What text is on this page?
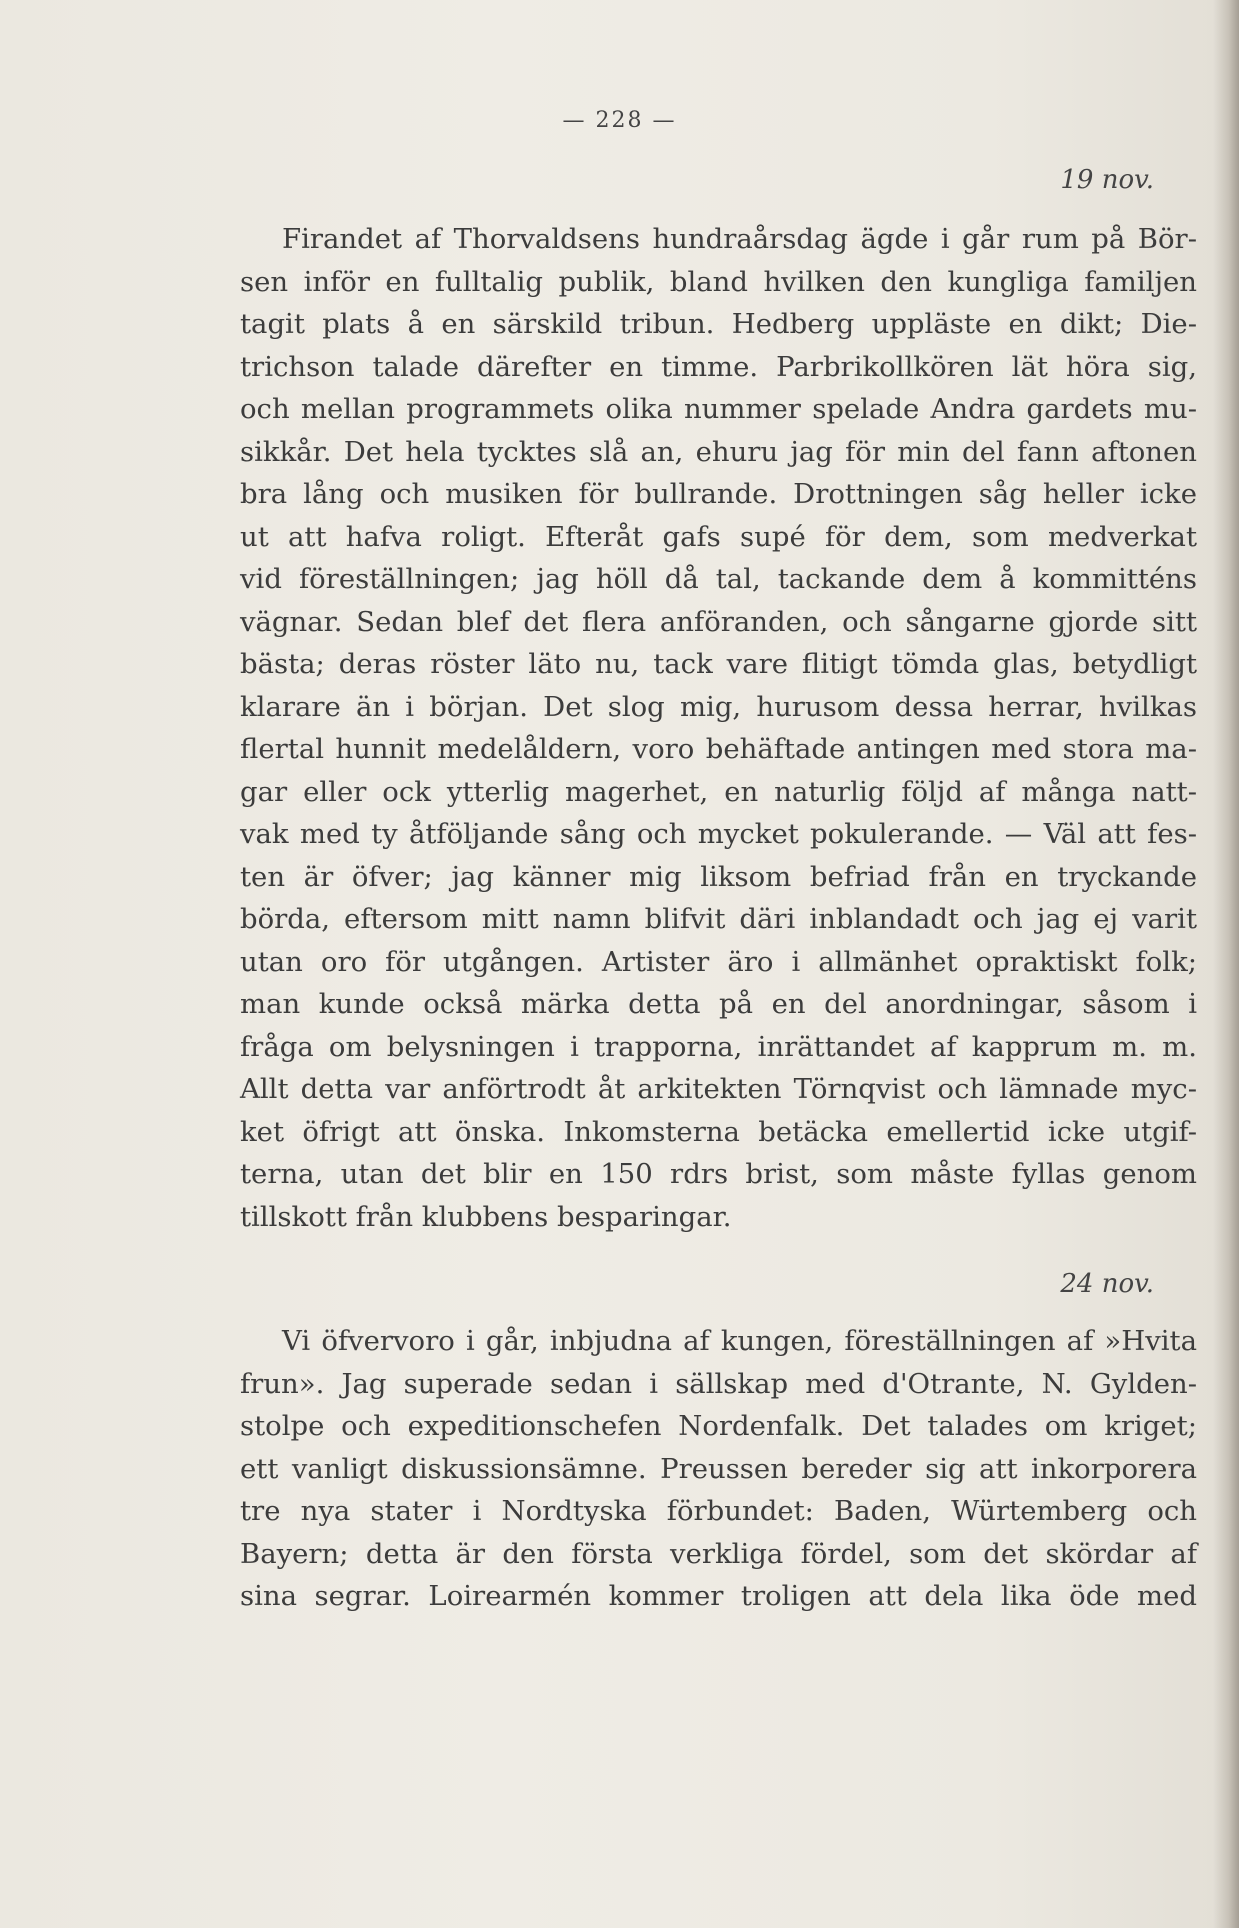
— 228 —
19 nov.
Firandet af Thorvaldsens hundraårsdag ägde i går rum på Bör-
sen inför en fulltalig publik, bland hvilken den kungliga familjen
tagit plats å en särskild tribun. Hedberg uppläste en dikt; Die-
trichson talade därefter en timme. Parbrikollkören lät höra sig,
och mellan programmets olika nummer spelade Andra gardets mu-
sikkår. Det hela tycktes slå an, ehuru jag för min del fann aftonen
bra lång och musiken för bullrande. Drottningen såg heller icke
ut att hafva roligt. Efteråt gafs supé för dem, som medverkat
vid föreställningen; jag höll då tal, tackande dem å kommitténs
vägnar. Sedan blef det flera anföranden, och sångarne gjorde sitt
bästa; deras röster läto nu, tack vare flitigt tömda glas, betydligt
klarare än i början. Det slog mig, hurusom dessa herrar, hvilkas
flertal hunnit medelåldern, voro behäftade antingen med stora ma-
gar eller ock ytterlig magerhet, en naturlig följd af många natt-
vak med ty åtföljande sång och mycket pokulerande. — Väl att fes-
ten är öfver; jag känner mig liksom befriad från en tryckande
börda, eftersom mitt namn blifvit däri inblandadt och jag ej varit
utan oro för utgången. Artister äro i allmänhet opraktiskt folk;
man kunde också märka detta på en del anordningar, såsom i
fråga om belysningen i trapporna, inrättandet af kapprum m. m.
Allt detta var anförtrodt åt arkitekten Törnqvist och lämnade myc-
ket öfrigt att önska. Inkomsterna betäcka emellertid icke utgif-
terna, utan det blir en 150 rdrs brist, som måste fyllas genom
tillskott från klubbens besparingar.
24 nov.
Vi öfvervoro i går, inbjudna af kungen, föreställningen af »Hvita
frun». Jag superade sedan i sällskap med d'Otrante, N. Gylden-
stolpe och expeditionschefen Nordenfalk. Det talades om kriget;
ett vanligt diskussionsämne. Preussen bereder sig att inkorporera
tre nya stater i Nordtyska förbundet: Baden, Würtemberg och
Bayern; detta är den första verkliga fördel, som det skördar af
sina segrar. Loirearmén kommer troligen att dela lika öde med
